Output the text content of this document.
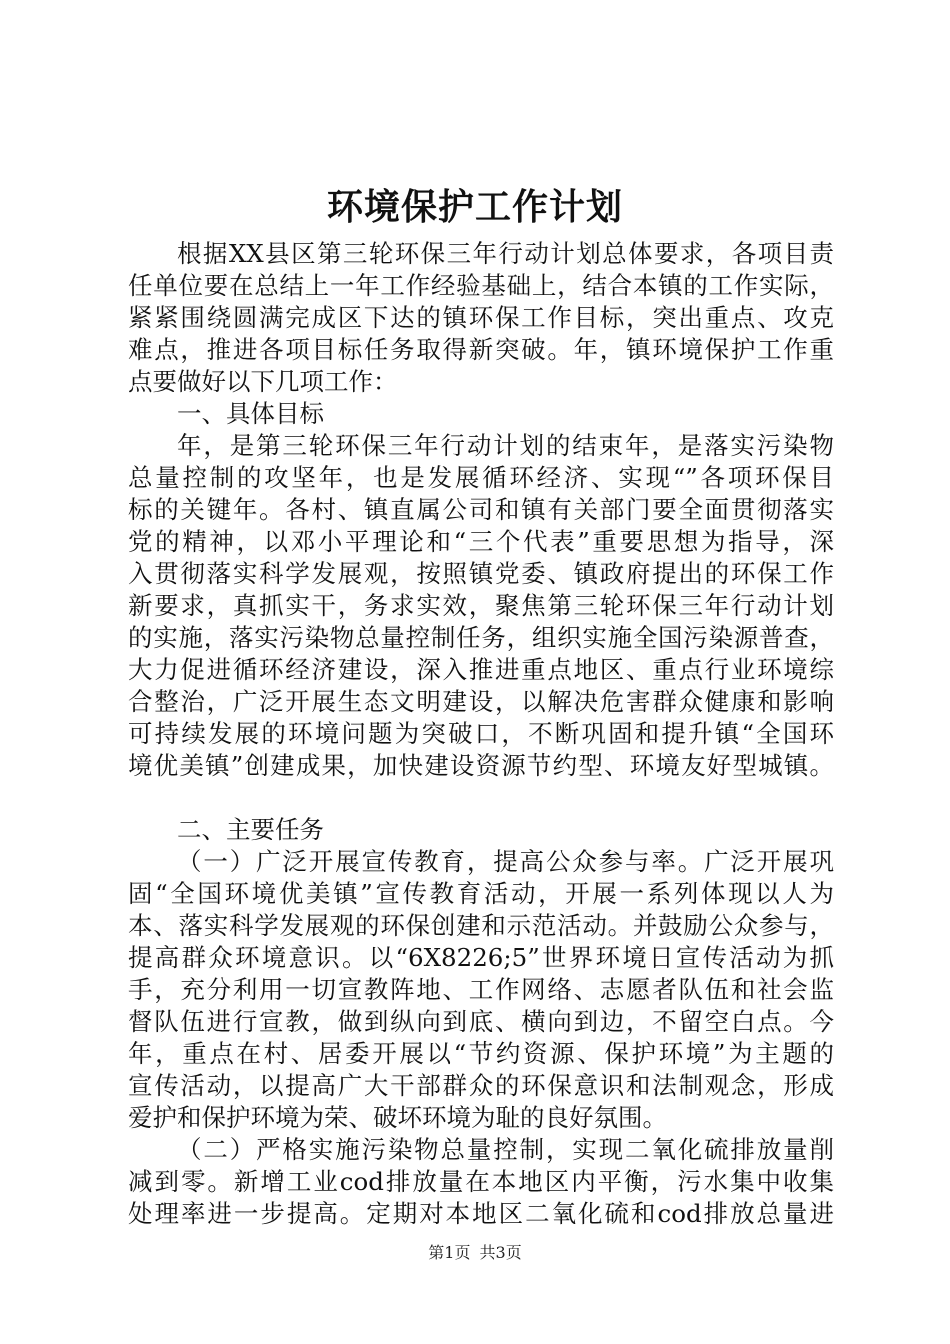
环境保护工作计划
根据XX县区第三轮环保三年行动计划总体要求，各项目责
任单位要在总结上一年工作经验基础上，结合本镇的工作实际，
紧紧围绕圆满完成区下达的镇环保工作目标，突出重点、攻克
难点，推进各项目标任务取得新突破。年，镇环境保护工作重
点要做好以下几项工作：
一、具体目标
年，是第三轮环保三年行动计划的结束年，是落实污染物
总量控制的攻坚年，也是发展循环经济、实现“”各项环保目
标的关键年。各村、镇直属公司和镇有关部门要全面贯彻落实
党的精神，以邓小平理论和“三个代表”重要思想为指导，深
入贯彻落实科学发展观，按照镇党委、镇政府提出的环保工作
新要求，真抓实干，务求实效，聚焦第三轮环保三年行动计划
的实施，落实污染物总量控制任务，组织实施全国污染源普查，
大力促进循环经济建设，深入推进重点地区、重点行业环境综
合整治，广泛开展生态文明建设，以解决危害群众健康和影响
可持续发展的环境问题为突破口，不断巩固和提升镇“全国环
境优美镇”创建成果，加快建设资源节约型、环境友好型城镇。
二、主要任务
（一）广泛开展宣传教育，提高公众参与率。广泛开展巩
固“全国环境优美镇”宣传教育活动，开展一系列体现以人为
本、落实科学发展观的环保创建和示范活动。并鼓励公众参与，
提高群众环境意识。以“6X8226;5”世界环境日宣传活动为抓
手，充分利用一切宣教阵地、工作网络、志愿者队伍和社会监
督队伍进行宣教，做到纵向到底、横向到边，不留空白点。今
年，重点在村、居委开展以“节约资源、保护环境”为主题的
宣传活动，以提高广大干部群众的环保意识和法制观念，形成
爱护和保护环境为荣、破坏环境为耻的良好氛围。
（二）严格实施污染物总量控制，实现二氧化硫排放量削
减到零。新增工业cod排放量在本地区内平衡，污水集中收集
处理率进一步提高。定期对本地区二氧化硫和cod排放总量进
第1页 共3页
